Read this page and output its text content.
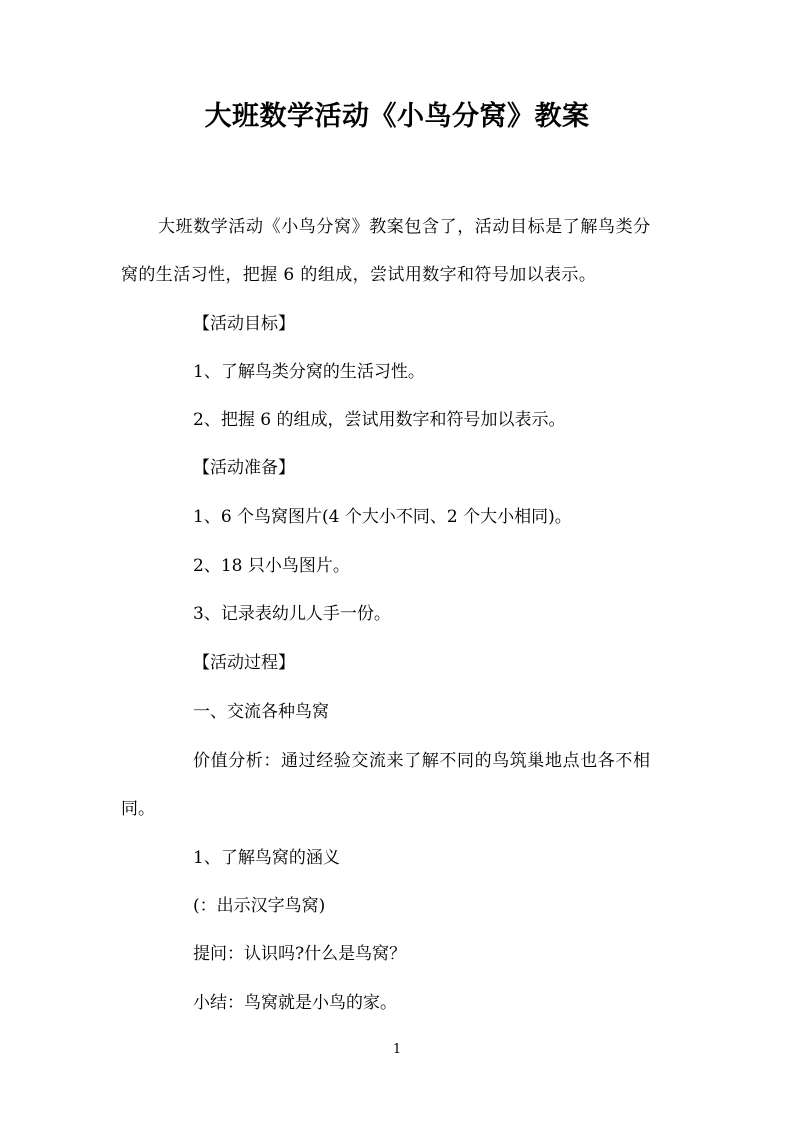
大班数学活动《小鸟分窝》教案
大班数学活动《小鸟分窝》教案包含了，活动目标是了解鸟类分
窝的生活习性，把握 6 的组成，尝试用数字和符号加以表示。
【活动目标】
1、了解鸟类分窝的生活习性。
2、把握 6 的组成，尝试用数字和符号加以表示。
【活动准备】
1、6 个鸟窝图片(4 个大小不同、2 个大小相同)。
2、18 只小鸟图片。
3、记录表幼儿人手一份。
【活动过程】
一、交流各种鸟窝
价值分析：通过经验交流来了解不同的鸟筑巢地点也各不相
同。
1、了解鸟窝的涵义
(：出示汉字鸟窝)
提问：认识吗?什么是鸟窝？
小结：鸟窝就是小鸟的家。
1
